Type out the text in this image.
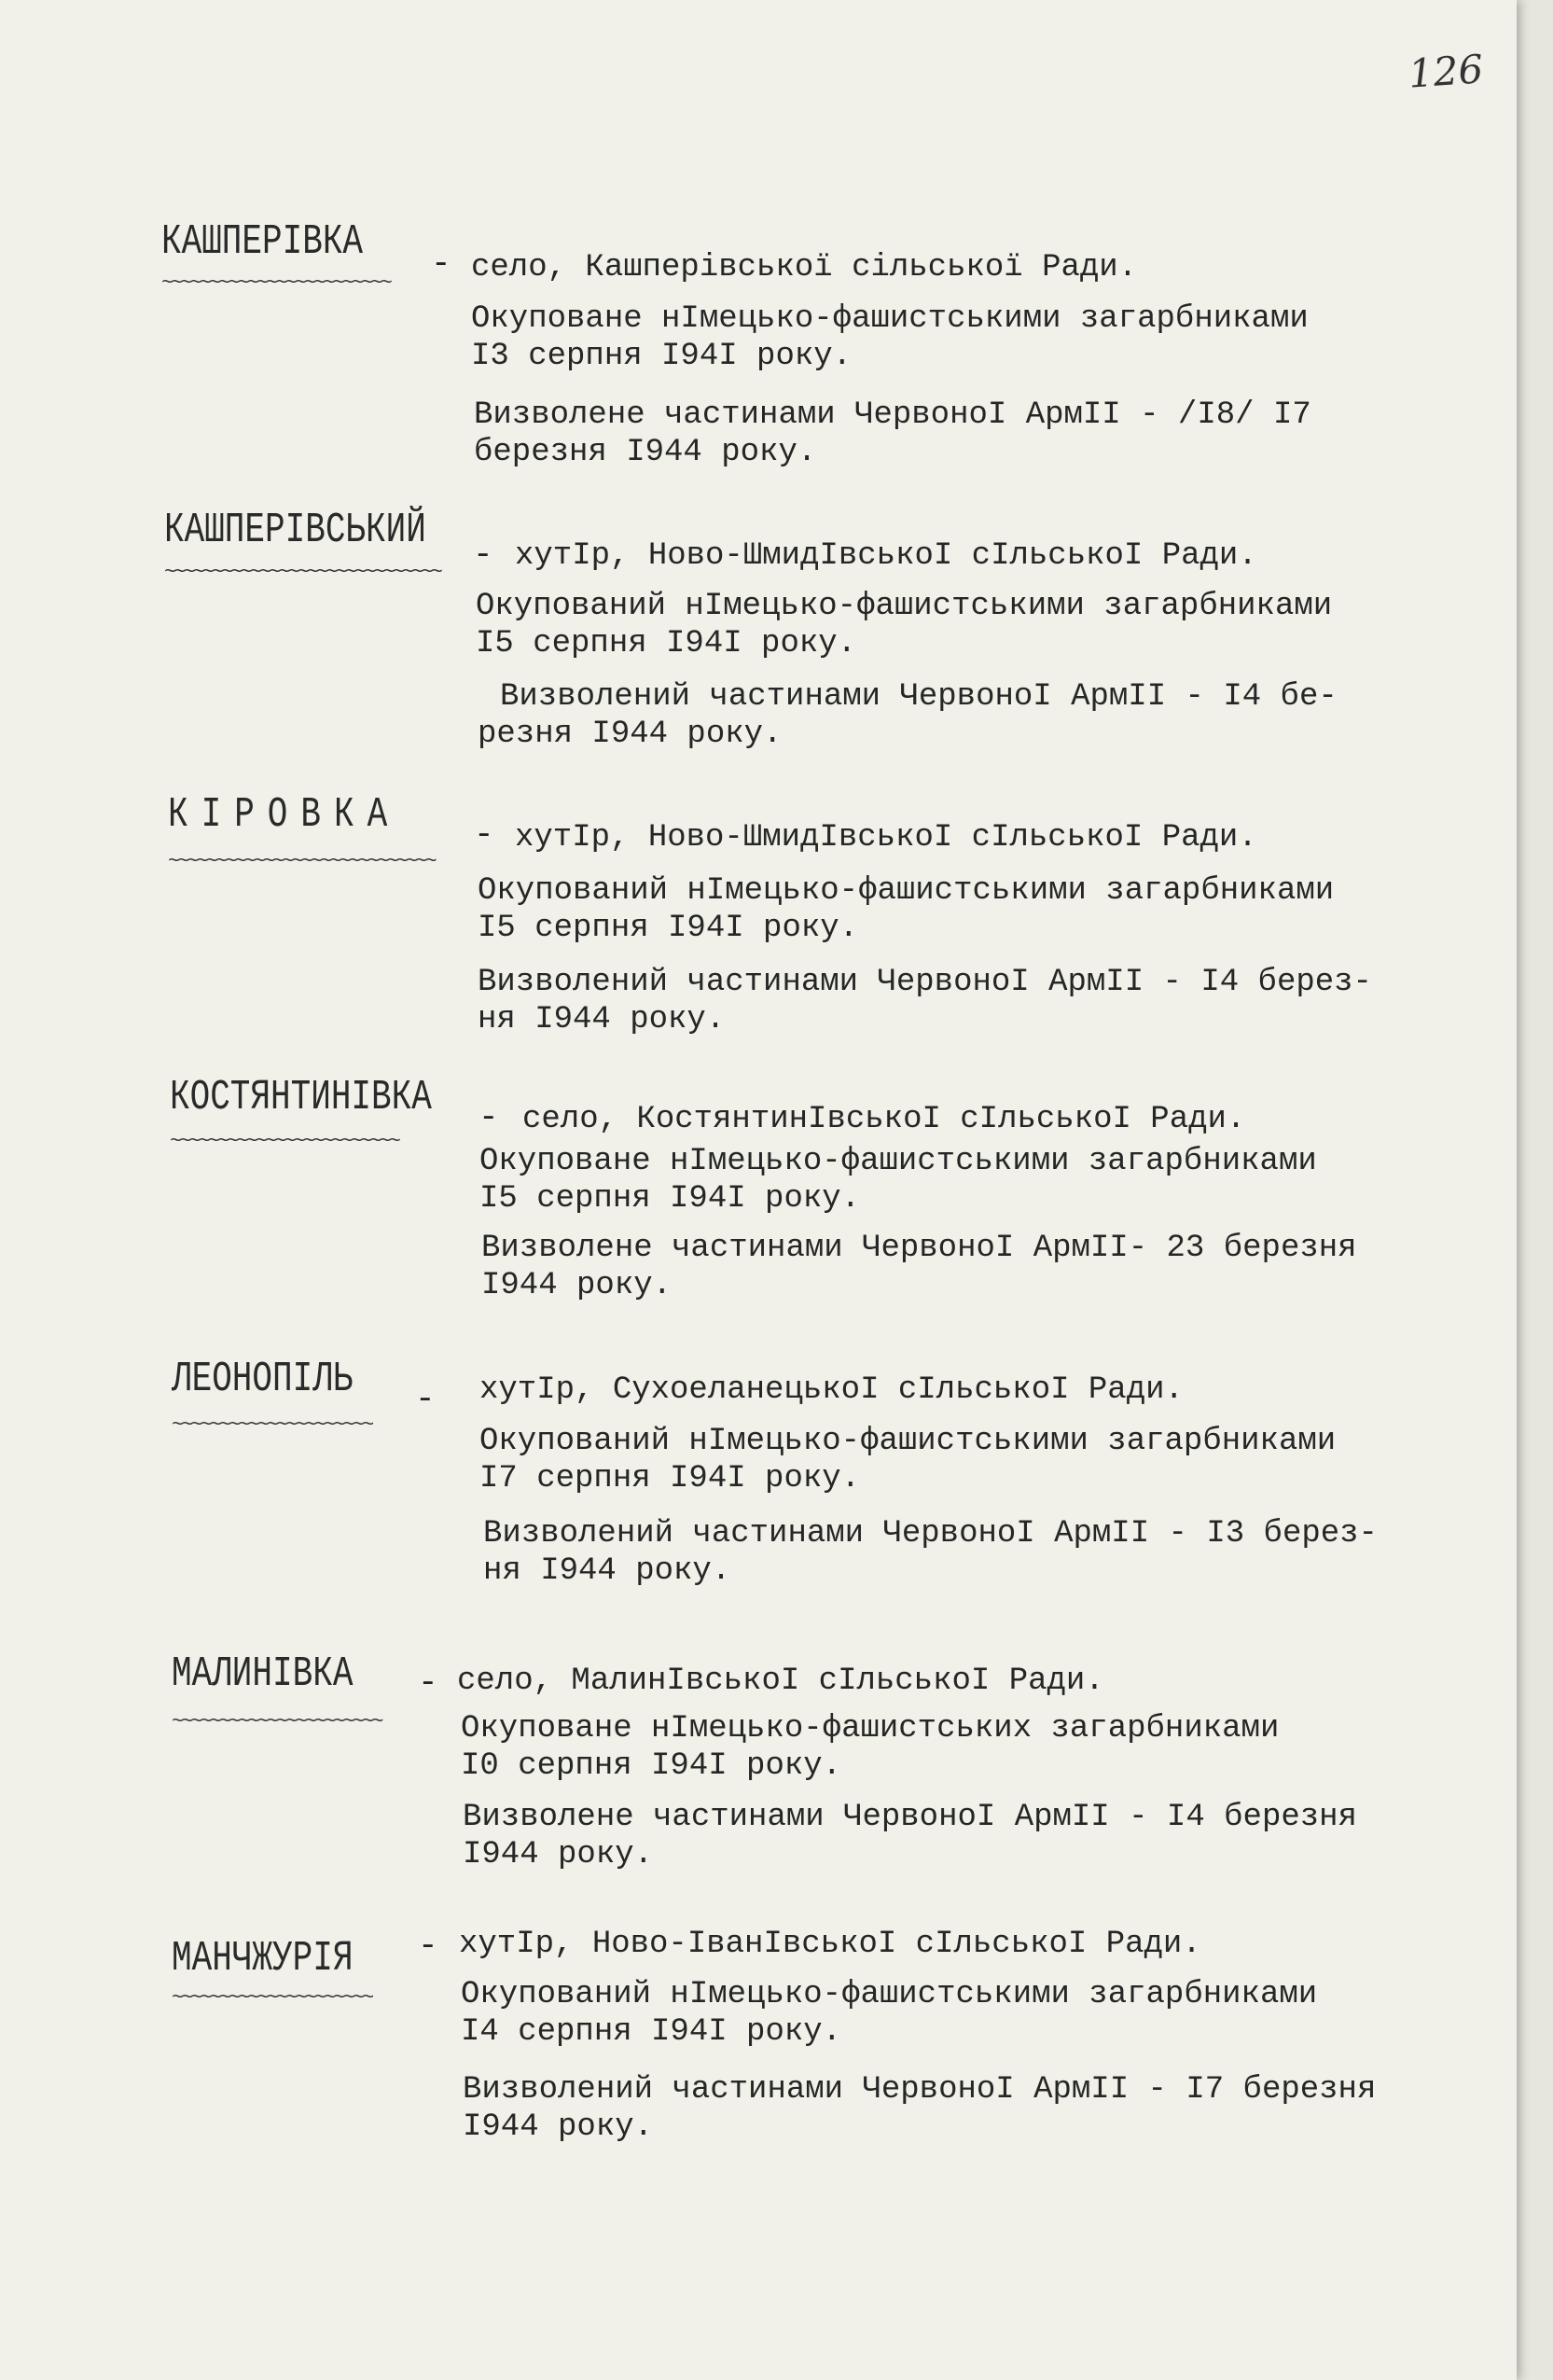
126
КАШПЕРІВКА
~~~~~~~~~~~~~~~~~~~~~~~~
- село, Кашперівської сільської Ради.
Окуповане нІмецько-фашистськими загарбниками
I3 серпня I94I року.
Визволене частинами ЧервоноI АрмII - /I8/ I7
березня I944 року.
КАШПЕРІВСЬКИЙ
~~~~~~~~~~~~~~~~~~~~~~~~~~~~~ - хутIр, Ново-ШмидIвськоI сIльськоI Ради.
Окупований нIмецько-фашистськими загарбниками
I5 серпня I94I року.
Визволений частинами ЧервоноI АрмII - I4 бе-
резня I944 року.
КIРОВКА
~~~~~~~~~~~~~~~~~~~~~~~~~~~~
- хутIр, Ново-ШмидIвськоI сIльськоI Ради.
Окупований нIмецько-фашистськими загарбниками
I5 серпня I94I року.
Визволений частинами ЧервоноI АрмII - I4 берез-
ня I944 року.
КОСТЯНТИНІВКА
~~~~~~~~~~~~~~~~~~~~~~~~
- село, КостянтинIвськоI сIльськоI Ради.
Окуповане нIмецько-фашистськими загарбниками
I5 серпня I94I року.
Визволене частинами ЧервоноI АрмII- 23 березня
I944 року.
ЛЕОНОПІЛЬ
~~~~~~~~~~~~~~~~~~~~~
- хутIр, СухоеланецькоI сIльськоI Ради.
Окупований нIмецько-фашистськими загарбниками
I7 серпня I94I року.
Визволений частинами ЧервоноI АрмII - I3 берез-
ня I944 року.
МАЛИНІВКА
~~~~~~~~~~~~~~~~~~~~~~
- село, МалинIвськоI сIльськоI Ради.
Окуповане нIмецько-фашистських загарбниками
I0 серпня I94I року.
Визволене частинами ЧервоноI АрмII - I4 березня
I944 року.
МАНЧЖУРІЯ
~~~~~~~~~~~~~~~~~~~~~
- хутIр, Ново-IванIвськоI сIльськоI Ради.
Окупований нIмецько-фашистськими загарбниками
I4 серпня I94I року.
Визволений частинами ЧервоноI АрмII - I7 березня
I944 року.
